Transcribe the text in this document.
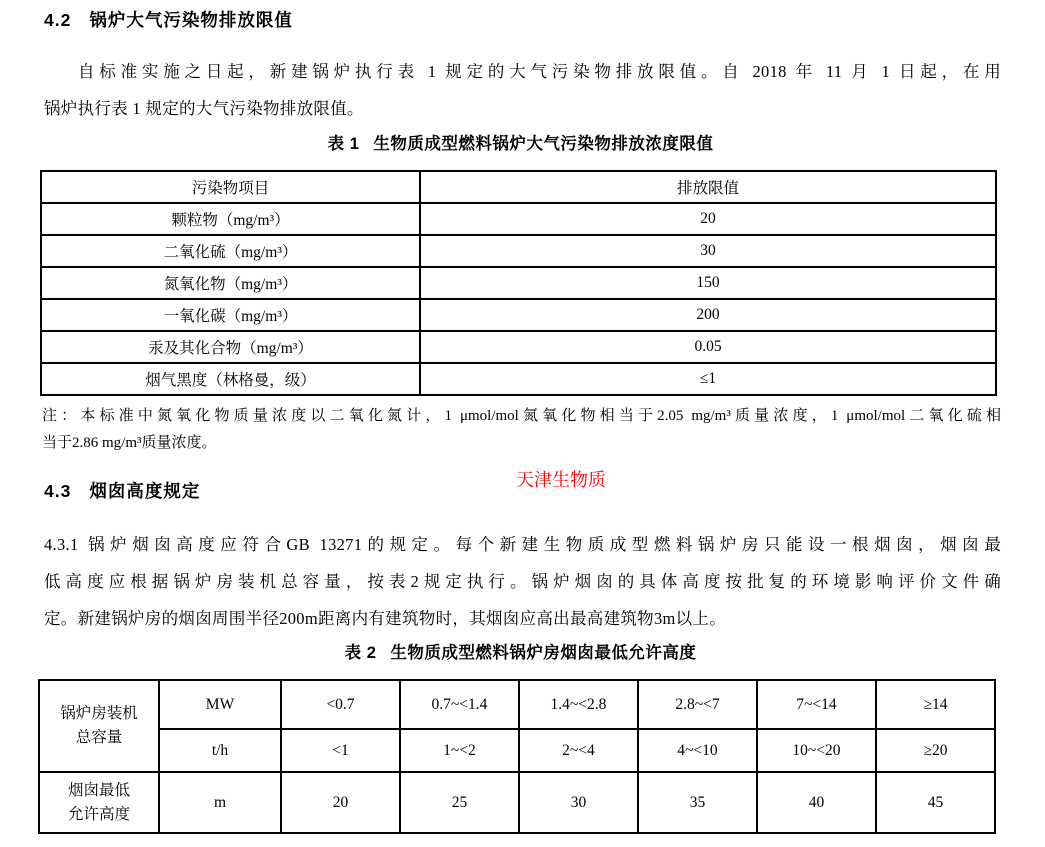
4.2 锅炉大气污染物排放限值
自标准实施之日起，新建锅炉执行表 1 规定的大气污染物排放限值。自 2018 年 11 月 1 日起，在用
锅炉执行表 1 规定的大气污染物排放限值。
表 1 生物质成型燃料锅炉大气污染物排放浓度限值
污染物项目	排放限值
颗粒物（mg/m³）	20
二氧化硫（mg/m³）	30
氮氧化物（mg/m³）	150
一氧化碳（mg/m³）	200
汞及其化合物（mg/m³）	0.05
烟气黑度（林格曼，级）	≤1
注：本标准中氮氧化物质量浓度以二氧化氮计，1 μmol/mol氮氧化物相当于2.05 mg/m³质量浓度，1 μmol/mol二氧化硫相
当于2.86 mg/m³质量浓度。
天津生物质
4.3 烟囱高度规定
4.3.1 锅炉烟囱高度应符合GB 13271的规定。每个新建生物质成型燃料锅炉房只能设一根烟囱，烟囱最
低高度应根据锅炉房装机总容量，按表2规定执行。锅炉烟囱的具体高度按批复的环境影响评价文件确
定。新建锅炉房的烟囱周围半径200m距离内有建筑物时，其烟囱应高出最高建筑物3m以上。
表 2 生物质成型燃料锅炉房烟囱最低允许高度
锅炉房装机
总容量	MW	<0.7	0.7~<1.4	1.4~<2.8	2.8~<7	7~<14	≥14
	t/h	<1	1~<2	2~<4	4~<10	10~<20	≥20

烟囱最低
允许高度	m	20	25	30	35	40	45
